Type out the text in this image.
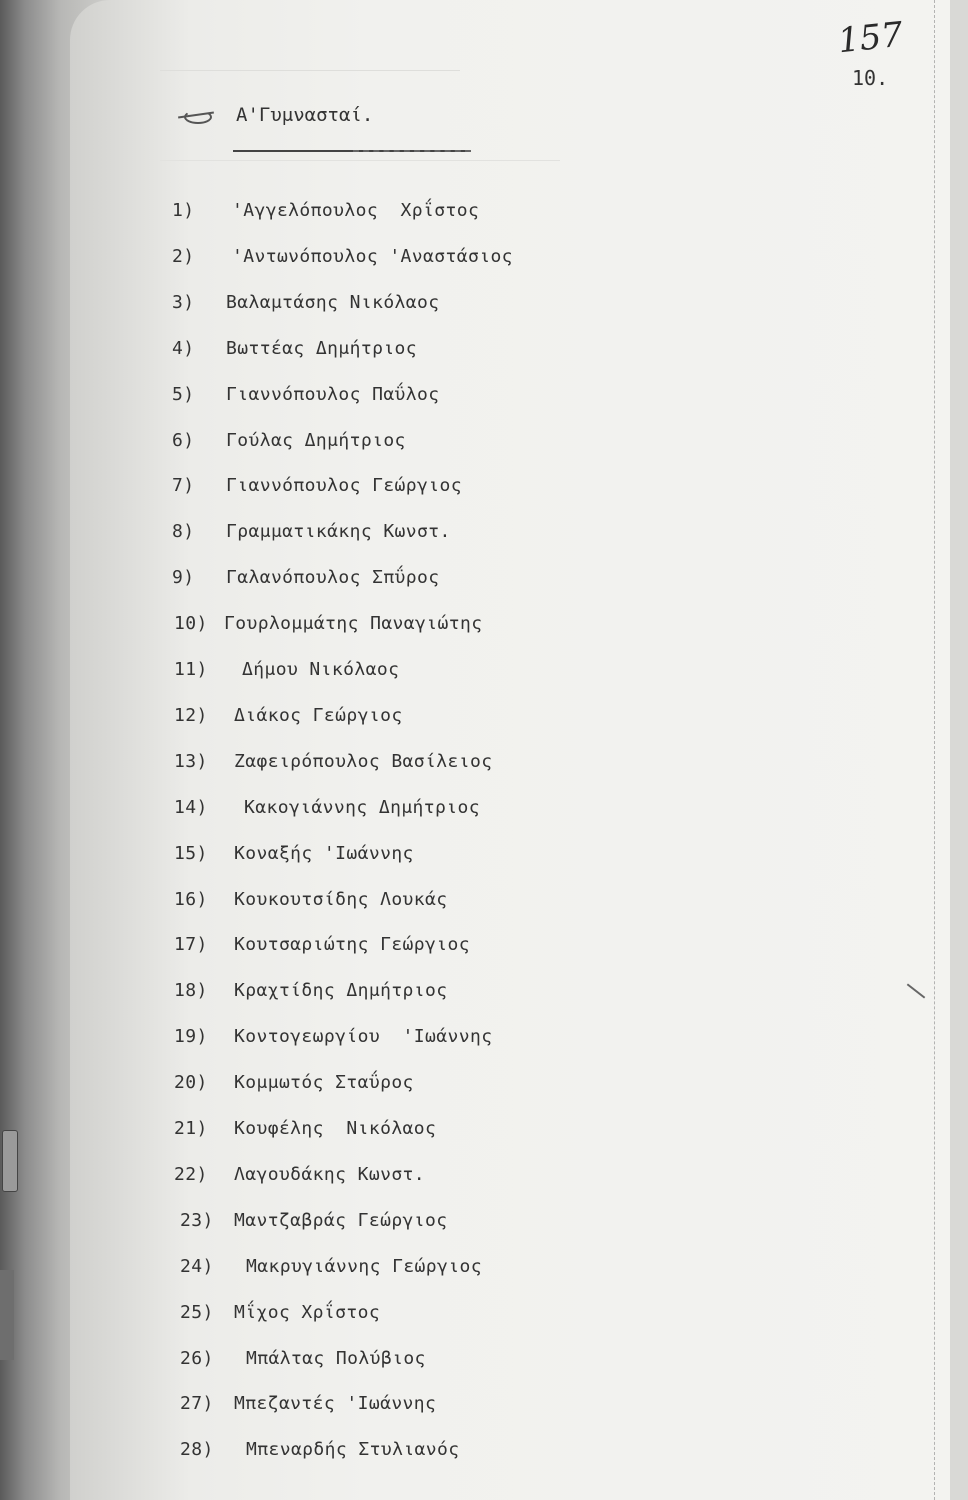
157
10.
Α'Γυμνασταί.
1) 'Αγγελόπουλος  Χρΐστος
2) 'Αντωνόπουλος 'Αναστάσιος
3) Βαλαμτάσης Νικόλαος
4) Βωττέας Δημήτριος
5) Γιαννόπουλος Παΰλος
6) Γούλας Δημήτριος
7) Γιαννόπουλος Γεώργιος
8) Γραμματικάκης Κωνστ.
9) Γαλανόπουλος Σπΰρος
10) Γουρλομμάτης Παναγιώτης
11) Δήμου Νικόλαος
12) Διάκος Γεώργιος
13) Ζαφειρόπουλος Βασίλειος
14) Κακογιάννης Δημήτριος
15) Κοναξής 'Ιωάννης
16) Κουκουτσίδης Λουκάς
17) Κουτσαριώτης Γεώργιος
18) Κραχτίδης Δημήτριος
19) Κοντογεωργίου  'Ιωάννης
20) Κομμωτός Σταΰρος
21) Κουφέλης  Νικόλαος
22) Λαγουδάκης Κωνστ.
23) Μαντζαβράς Γεώργιος
24) Μακρυγιάννης Γεώργιος
25) Μΐχος Χρΐστος
26) Μπάλτας Πολύβιος
27) Μπεζαντές 'Ιωάννης
28) Μπεναρδής Στυλιανός
